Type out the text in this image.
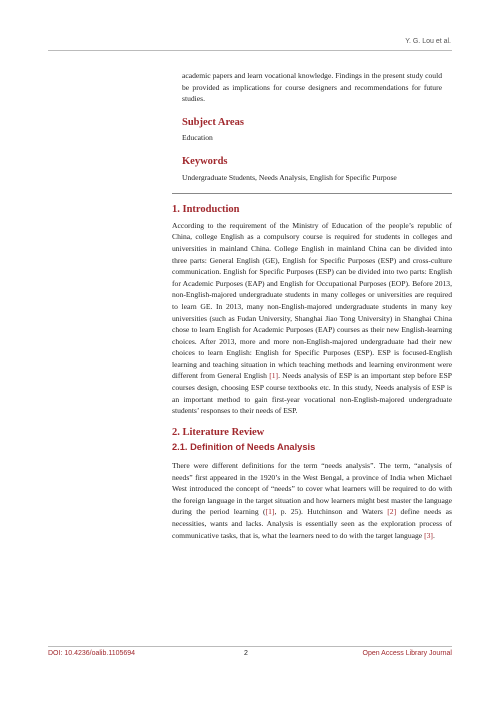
Y. G. Lou et al.

academic papers and learn vocational knowledge. Findings in the present study could be provided as implications for course designers and recommendations for future studies.

Subject Areas

Education

Keywords

Undergraduate Students, Needs Analysis, English for Specific Purpose

1. Introduction

According to the requirement of the Ministry of Education of the people’s republic of China, college English as a compulsory course is required for students in colleges and universities in mainland China. College English in mainland China can be divided into three parts: General English (GE), English for Specific Purposes (ESP) and cross-culture communication. English for Specific Purposes (ESP) can be divided into two parts: English for Academic Purposes (EAP) and English for Occupational Purposes (EOP). Before 2013, non-English-majored undergraduate students in many colleges or universities are required to learn GE. In 2013, many non-English-majored undergraduate students in many key universities (such as Fudan University, Shanghai Jiao Tong University) in Shanghai China chose to learn English for Academic Purposes (EAP) courses as their new English-learning choices. After 2013, more and more non-English-majored undergraduate had their new choices to learn English: English for Specific Purposes (ESP). ESP is focused-English learning and teaching situation in which teaching methods and learning environment were different from General English [1]. Needs analysis of ESP is an important step before ESP courses design, choosing ESP course textbooks etc. In this study, Needs analysis of ESP is an important method to gain first-year vocational non-English-majored undergraduate students’ responses to their needs of ESP.

2. Literature Review
2.1. Definition of Needs Analysis

There were different definitions for the term “needs analysis”. The term, “analysis of needs” first appeared in the 1920’s in the West Bengal, a province of India when Michael West introduced the concept of “needs” to cover what learners will be required to do with the foreign language in the target situation and how learners might best master the language during the period learning ([1], p. 25). Hutchinson and Waters [2] define needs as necessities, wants and lacks. Analysis is essentially seen as the exploration process of communicative tasks, that is, what the learners need to do with the target language [3].

DOI: 10.4236/oalib.1105694	2	Open Access Library Journal
